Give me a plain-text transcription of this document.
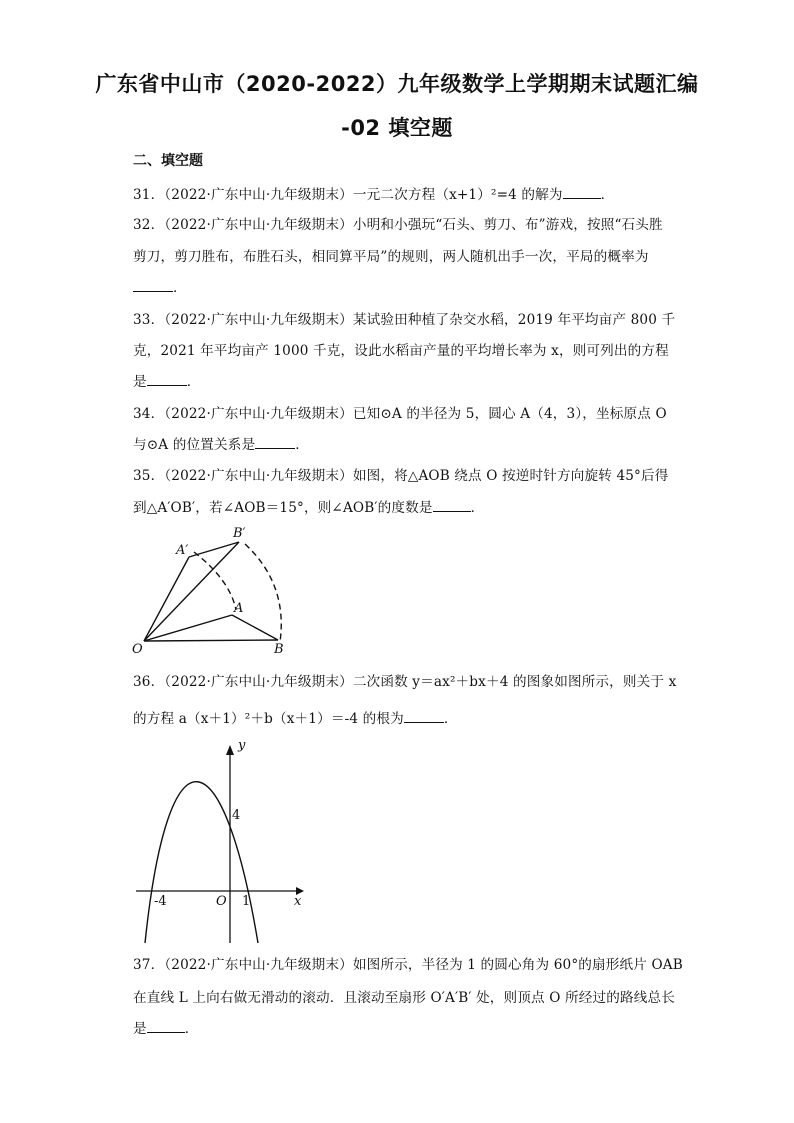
广东省中山市（2020-2022）九年级数学上学期期末试题汇编
-02 填空题
二、填空题
31．（2022·广东中山·九年级期末）一元二次方程（x+1）²=4 的解为	．
32．（2022·广东中山·九年级期末）小明和小强玩“石头、剪刀、布”游戏，按照“石头胜
剪刀，剪刀胜布，布胜石头，相同算平局”的规则，两人随机出手一次，平局的概率为
．
33．（2022·广东中山·九年级期末）某试验田种植了杂交水稻，2019 年平均亩产 800 千
克，2021 年平均亩产 1000 千克，设此水稻亩产量的平均增长率为 x，则可列出的方程
是	．
34．（2022·广东中山·九年级期末）已知⊙A 的半径为 5，圆心 A（4，3），坐标原点 O
与⊙A 的位置关系是	．
35．（2022·广东中山·九年级期末）如图，将△AOB 绕点 O 按逆时针方向旋转 45°后得
到△A′OB′，若∠AOB＝15°，则∠AOB′的度数是	．
A′
B′
A
O	B
36．（2022·广东中山·九年级期末）二次函数 y＝ax²＋bx＋4 的图象如图所示，则关于 x
的方程 a（x＋1）²＋b（x＋1）＝-4 的根为	．
y
x
O
4
-4	1
37．（2022·广东中山·九年级期末）如图所示，半径为 1 的圆心角为 60°的扇形纸片 OAB
在直线 L 上向右做无滑动的滚动．且滚动至扇形 O′A′B′ 处，则顶点 O 所经过的路线总长
是	．
